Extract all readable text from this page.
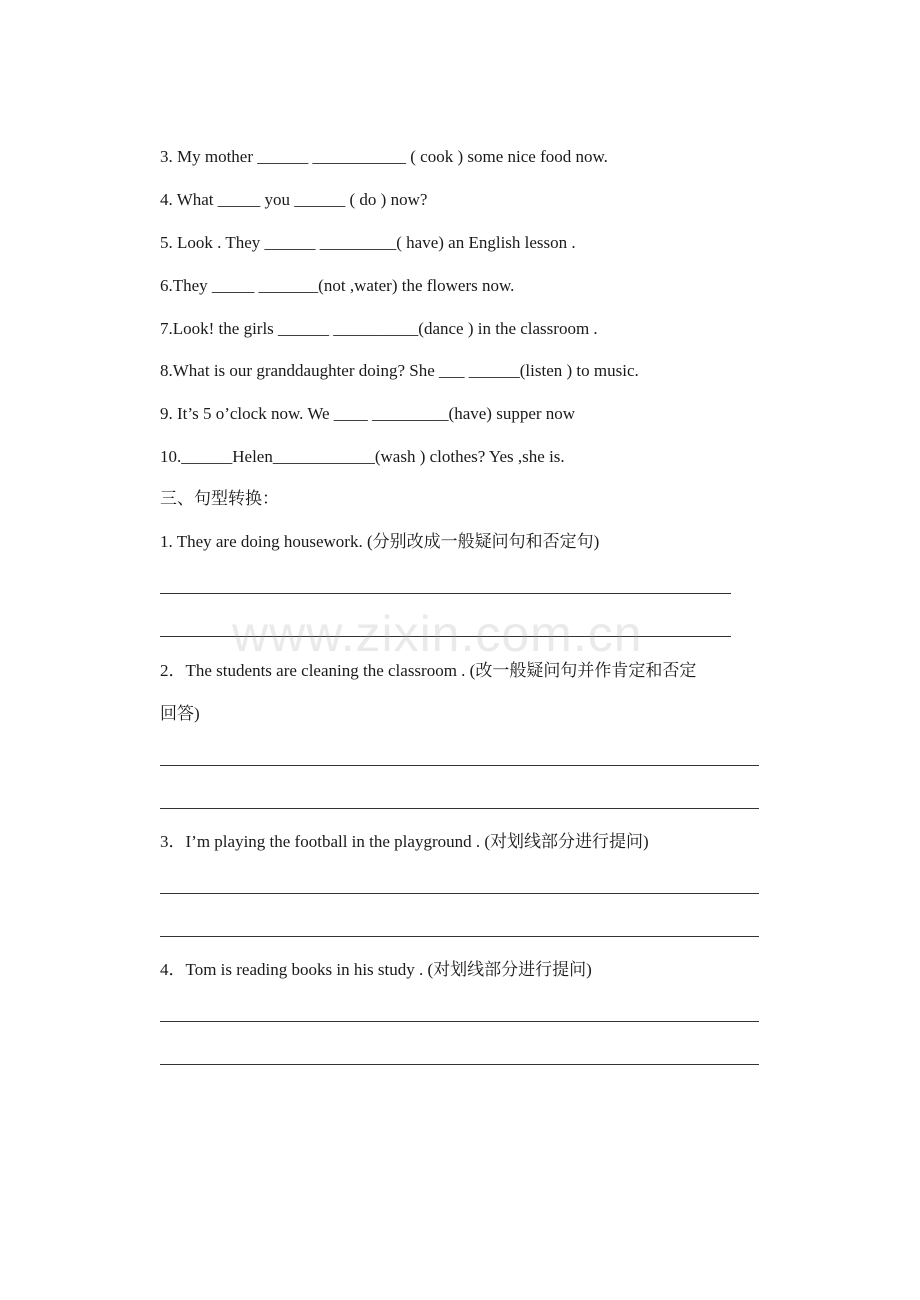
3. My mother ______ ___________ ( cook ) some nice food now.
4. What _____ you ______ ( do ) now?
5. Look . They ______ _________( have) an English lesson .
6.They _____ _______(not ,water) the flowers now.
7.Look! the girls ______ __________(dance ) in the classroom .
8.What is our granddaughter doing? She ___ ______(listen ) to music.
9. It’s 5 o’clock now. We ____ _________(have) supper now
10.______Helen____________(wash ) clothes? Yes ,she is.
三、句型转换：
1. They are doing housework. (分别改成一般疑问句和否定句)
www.zixin.com.cn
2．The students are cleaning the classroom . (改一般疑问句并作肯定和否定
回答)
3．I’m playing the football in the playground . (对划线部分进行提问)
4．Tom is reading books in his study . (对划线部分进行提问)
